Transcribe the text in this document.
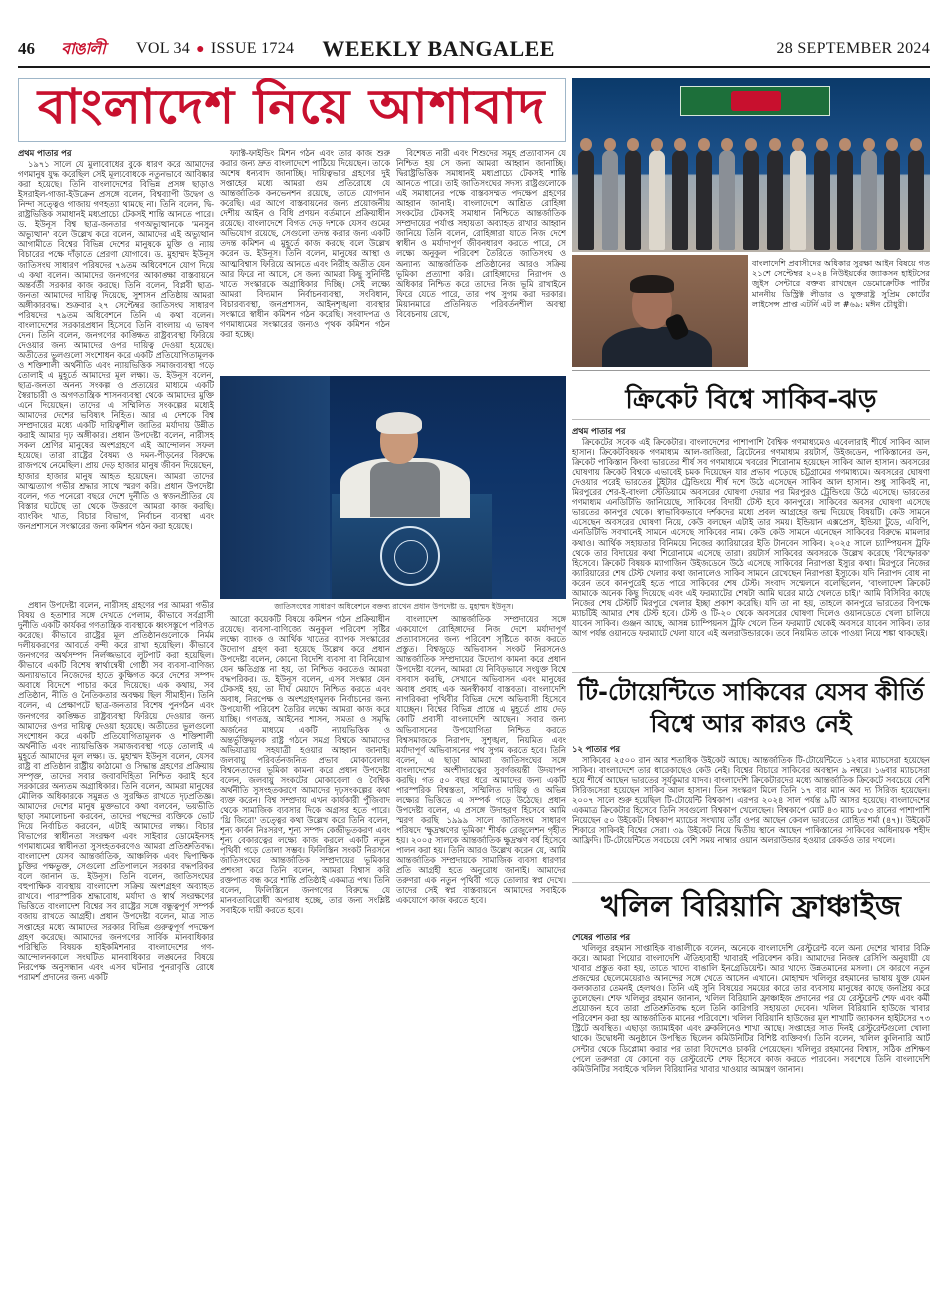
46	বাঙালী	VOL 34 ● ISSUE 1724 WEEKLY BANGALEE	28 SEPTEMBER 2024
বাংলাদেশ নিয়ে আশাবাদ
প্রথম পাতার পর

১৯৭১ সালে যে মুলাবোধের বুকে ধারণ করে আমাদের গণমানুষ যুদ্ধ করেছিল সেই মূল্যবোধকে নতুনভাবে আবিষ্কার করা হয়েছে। তিনি বাংলাদেশের বিভিন্ন প্রসঙ্গ ছাড়াও ইসরাইল-গাজা-ইউক্রেন প্রসঙ্গে বলেন, বিশ্বব্যাপী উদ্বেগ ও নিন্দা সত্ত্বেও গাজায় গণহত্যা থামছে না। তিনি বলেন, দ্বি-রাষ্ট্রভিত্তিক সমাধানই মধ্যপ্রাচ্যে টেকসই শান্তি আনতে পারে। ড. ইউনূস বিশ্ব ছাত্র-জনতার গণঅভ্যুত্থানকে 'মনসুন অভ্যুত্থান' বলে উল্লেখ করে বলেন, আমাদের এই অভ্যুত্থান আগামীতে বিশ্বের বিভিন্ন দেশের মানুষকে মুক্তি ও ন্যায় বিচারের পক্ষে দাঁড়াতে প্রেরণা যোগাবে। ড. মুহাম্মদ ইউনূস জাতিসংঘ সাধারণ পরিষদের ৭৯তম অধিবেশনে যোগ দিয়ে এ কথা বলেন। আমাদের জনগণের আকাঙ্ক্ষা বাস্তবায়নে অন্তর্বর্তী সরকার কাজ করছে। তিনি বলেন, বিপ্লবী ছাত্র-জনতা আমাদের দায়িত্ব দিয়েছে, সুশাসন প্রতিষ্ঠায় আমরা অঙ্গীকারবদ্ধ। শুক্রবার ২৭ সেপ্টেম্বর জাতিসংঘ সাধারণ পরিষদের ৭৯তম অধিবেশনে তিনি এ কথা বলেন। বাংলাদেশের সরকারপ্রধান হিসেবে তিনি বাংলায় এ ভাষণ দেন। তিনি বলেন, জনগণের কাঙ্ক্ষিত রাষ্ট্রব্যবস্থা ফিরিয়ে দেওয়ার জন্য আমাদের ওপর দায়িত্ব দেওয়া হয়েছে। অতীতের ভুলগুলো সংশোধন করে একটি প্রতিযোগিতামূলক ও শক্তিশালী অর্থনীতি এবং ন্যায়ভিত্তিক সমাজব্যবস্থা গড়ে তোলাই এ মুহূর্তে আমাদের মূল লক্ষ্য। ড. ইউনূস বলেন, ছাত্র-জনতা অনন্য সংকল্প ও প্রত্যয়ের মাধ্যমে একটি স্বৈরাচারী ও অগণতান্ত্রিক শাসনব্যবস্থা থেকে আমাদের মুক্তি এনে দিয়েছেন। তাদের এ সম্মিলিত সংকল্পের মধ্যেই আমাদের দেশের ভবিষ্যৎ নিহিত। আর এ দেশকে বিশ্ব সম্প্রদায়ের মধ্যে একটি দায়িত্বশীল জাতির মর্যাদায় উন্নীত করাই আমার দৃঢ় অঙ্গীকার। প্রধান উপদেষ্টা বলেন, নারীসহ সকল শ্রেণির মানুষের অংশগ্রহণে এই আন্দোলন সফল হয়েছে। তারা রাষ্ট্রের বৈষম্য ও দমন-পীড়নের বিরুদ্ধে রাজপথে নেমেছিল। প্রায় দেড় হাজার মানুষ জীবন দিয়েছেন, হাজার হাজার মানুষ আহত হয়েছেন। আমরা তাদের আত্মত্যাগ গভীর শ্রদ্ধার সাথে স্মরণ করি। প্রধান উপদেষ্টা বলেন, গত পনেরো বছরে দেশে দুর্নীতি ও স্বজনপ্রীতির যে বিস্তার ঘটেছে তা থেকে উত্তরণে আমরা কাজ করছি। ব্যাংকিং খাত, বিচার বিভাগ, নির্বাচন ব্যবস্থা এবং জনপ্রশাসনে সংস্কারের জন্য কমিশন গঠন করা হয়েছে।

ফ্যাক্ট-ফাইন্ডিং মিশন গঠন এবং তার কাজ শুরু করার জন্য দ্রুত বাংলাদেশে পাঠিয়ে দিয়েছেন। তাকে অশেষ ধন্যবাদ জানাচ্ছি। দায়িত্বভার গ্রহণের দুই সপ্তাহের মধ্যে আমরা গুম প্রতিরোধে যে আন্তর্জাতিক কনভেনশন রয়েছে, তাতে যোগদান করেছি। এর আগে বাস্তবায়নের জন্য প্রয়োজনীয় দেশীয় আইন ও বিধি প্রণয়ন বর্তমানে প্রক্রিয়াধীন রয়েছে। বাংলাদেশে বিগত দেড় দশকে যেসব গুমের অভিযোগ রয়েছে, সেগুলো তদন্ত করার জন্য একটি তদন্ত কমিশন এ মুহূর্তে কাজ করছে বলে উল্লেখ করেন ড. ইউনূস। তিনি বলেন, মানুষের আস্থা ও আত্মবিশ্বাস ফিরিয়ে আনতে এবং নিরীহ অতীত যেন আর ফিরে না আসে, সে জন্য আমরা কিছু সুনির্দিষ্ট খাতে সংস্কারকে অগ্রাধিকার দিচ্ছি। সেই লক্ষ্যে আমরা বিদ্যমান নির্বাচনব্যবস্থা, সংবিধান, বিচারব্যবস্থা, জনপ্রশাসন, আইনশৃঙ্খলা ব্যবস্থার সংস্কারে স্বাধীন কমিশন গঠন করেছি। সংবাদপত্র ও গণমাধ্যমের সংস্কারের জন্যও পৃথক কমিশন গঠন করা হচ্ছে।

বিশেষত নারী এবং শিশুদের সমূহ প্রত্যাবাসন যে নিশ্চিত হয় সে জন্য আমরা আহ্বান জানাচ্ছি। দ্বিরাষ্ট্রভিত্তিক সমাধানই মধ্যপ্রাচ্যে টেকসই শান্তি আনতে পারে। তাই জাতিসংঘের সদস্য রাষ্ট্রগুলোকে এই সমাধানের পক্ষে বাস্তবসম্মত পদক্ষেপ গ্রহণের আহ্বান জানাই। বাংলাদেশে আশ্রিত রোহিঙ্গা সংকটের টেকসই সমাধান নিশ্চিতে আন্তর্জাতিক সম্প্রদায়ের পর্যাপ্ত সহায়তা অব্যাহত রাখার আহ্বান জানিয়ে তিনি বলেন, রোহিঙ্গারা যাতে নিজ দেশে স্বাধীন ও মর্যাদাপূর্ণ জীবনধারণ করতে পারে, সে লক্ষ্যে অনুকূল পরিবেশ তৈরিতে জাতিসংঘ ও অন্যান্য আন্তর্জাতিক প্রতিষ্ঠানের আরও সক্রিয় ভূমিকা প্রত্যাশা করি। রোহিঙ্গাদের নিরাপদ ও অধিকার নিশ্চিত করে তাদের নিজ ভূমি রাখাইনে ফিরে যেতে পারে, তার পথ সুগম করা দরকার। মিয়ানমারে প্রতিনিয়ত পরিবর্তনশীল অবস্থা বিবেচনায় রেখে,

জাতিসংঘের সাধারণ অধিবেশনে বক্তব্য রাখেন প্রধান উপদেষ্টা ড. মুহাম্মদ ইউনূস।

প্রধান উপদেষ্টা বলেন, নারীসহ গ্রহণের পর আমরা গভীর বিষয় ও হতাশার সঙ্গে দেখতে পেলাম, কীভাবে সর্বগ্রাসী দুর্নীতি একটি কার্যকর গণতান্ত্রিক ব্যবস্থাকে ধ্বংসস্তূপে পরিণত করেছে। কীভাবে রাষ্ট্রের মূল প্রতিষ্ঠানগুলোকে নির্মম দলীয়করণের আবর্তে বন্দী করে রাখা হয়েছিল। কীভাবে জনগণের অর্থসম্পদ নির্লজ্জভাবে লুটপাট করা হয়েছিল। কীভাবে একটি বিশেষ স্বার্থান্বেষী গোষ্ঠী সব ব্যবসা-বাণিজ্য অন্যায়ভাবে নিজেদের হাতে কুক্ষিগত করে দেশের সম্পদ অবাধে বিদেশে পাচার করে দিয়েছে। এক কথায়, সব প্রতিষ্ঠান, নীতি ও নৈতিকতার অবক্ষয় ছিল সীমাহীন। তিনি বলেন, এ প্রেক্ষাপটে ছাত্র-জনতার বিশেষ পুনর্গঠন এবং জনগণের কাঙ্ক্ষিত রাষ্ট্রব্যবস্থা ফিরিয়ে দেওয়ার জন্য আমাদের ওপর দায়িত্ব দেওয়া হয়েছে। অতীতের ভুলগুলো সংশোধন করে একটি প্রতিযোগিতামূলক ও শক্তিশালী অর্থনীতি এবং ন্যায়ভিত্তিক সমাজব্যবস্থা গড়ে তোলাই এ মুহূর্তে আমাদের মূল লক্ষ্য। ড. মুহাম্মদ ইউনূস বলেন, যেসব রাষ্ট্র বা প্রতিষ্ঠান রাষ্ট্রীয় কাঠামো ও সিদ্ধান্ত গ্রহণের প্রক্রিয়ায় সম্পৃক্ত, তাদের সবার জবাবদিহিতা নিশ্চিত করাই হবে সরকারের অন্যতম অগ্রাধিকার। তিনি বলেন, আমরা মানুষের মৌলিক অধিকারকে সমুন্নত ও সুরক্ষিত রাখতে দৃঢ়প্রতিজ্ঞ। আমাদের দেশের মানুষ মুক্তভাবে কথা বলবেন, ভয়ভীতি ছাড়া সমালোচনা করবেন, তাদের পছন্দের ব্যক্তিকে ভোট দিয়ে নির্বাচিত করবেন, এটাই আমাদের লক্ষ্য। বিচার বিভাগের স্বাধীনতা সংরক্ষণ এবং সাইবার ডোমেইনসহ গণমাধ্যমের স্বাধীনতা সুসংহতকরণেও আমরা প্রতিশ্রুতিবদ্ধ। বাংলাদেশ যেসব আন্তর্জাতিক, আঞ্চলিক এবং দ্বিপাক্ষিক চুক্তির পক্ষভুক্ত, সেগুলো প্রতিপালনে সরকার বদ্ধপরিকর বলে জানান ড. ইউনূস। তিনি বলেন, জাতিসংঘের বহুপাক্ষিক ব্যবস্থায় বাংলাদেশ সক্রিয় অংশগ্রহণ অব্যাহত রাখবে। পারস্পরিক শ্রদ্ধাবোধ, মর্যাদা ও স্বার্থ সংরক্ষণের ভিত্তিতে বাংলাদেশ বিশ্বের সব রাষ্ট্রের সঙ্গে বন্ধুত্বপূর্ণ সম্পর্ক বজায় রাখতে আগ্রহী। প্রধান উপদেষ্টা বলেন, মাত্র সাত সপ্তাহের মধ্যে আমাদের সরকার বিভিন্ন গুরুত্বপূর্ণ পদক্ষেপ গ্রহণ করেছে। আমাদের জনগণের সার্বিক মানবাধিকার পরিস্থিতি বিষয়ক হাইকমিশনার বাংলাদেশের গণ-আন্দোলনকালে সংঘটিত মানবাধিকার লঙ্ঘনের বিষয়ে নিরপেক্ষ অনুসন্ধান এবং এসব ঘটনার পুনরাবৃত্তি রোধে পরামর্শ প্রদানের জন্য একটি

আরো কয়েকটি বিষয়ে কমিশন গঠন প্রক্রিয়াধীন রয়েছে। ব্যবসা-বাণিজ্যে অনুকূল পরিবেশ সৃষ্টির লক্ষ্যে ব্যাংক ও আর্থিক খাতের ব্যাপক সংস্কারের উদ্যোগ গ্রহণ করা হয়েছে উল্লেখ করে প্রধান উপদেষ্টা বলেন, কোনো বিদেশি ব্যবসা বা বিনিয়োগ যেন ক্ষতিগ্রস্ত না হয়, তা নিশ্চিত করতেও আমরা বদ্ধপরিকর। ড. ইউনূস বলেন, এসব সংস্কার যেন টেকসই হয়, তা দীর্ঘ মেয়াদে নিশ্চিত করতে এবং অবাধ, নিরপেক্ষ ও অংশগ্রহণমূলক নির্বাচনের জন্য উপযোগী পরিবেশ তৈরির লক্ষ্যে আমরা কাজ করে যাচ্ছি। গণতন্ত্র, আইনের শাসন, সমতা ও সমৃদ্ধি অর্জনের মাধ্যমে একটি ন্যায়ভিত্তিক ও অন্তর্ভুক্তিমূলক রাষ্ট্র গঠনে সমগ্র বিশ্বকে আমাদের অভিযাত্রায় সহযাত্রী হওয়ার আহ্বান জানাই। জলবায়ু পরিবর্তনজনিত প্রভাব মোকাবেলায় বিশ্বনেতাদের ভূমিকা কামনা করে প্রধান উপদেষ্টা বলেন, জলবায়ু সংকটের মোকাবেলা ও বৈশ্বিক অর্থনীতি সুসংহতকরণে আমাদের দৃঢ়সংকল্পের কথা ব্যক্ত করেন। বিশ্ব সম্প্রদায় এখন কার্যকারী পুঁজিবাদ থেকে সামাজিক ব্যবসার দিকে অগ্রসর হতে পারে। 'থ্রি জিরো' তত্ত্বের কথা উল্লেখ করে তিনি বলেন, শূন্য কার্বন নিঃসরণ, শূন্য সম্পদ কেন্দ্রীভূতকরণ এবং শূন্য বেকারত্বের লক্ষ্যে কাজ করলে একটি নতুন পৃথিবী গড়ে তোলা সম্ভব। ফিলিস্তিন সংকট নিরসনে জাতিসংঘের আন্তর্জাতিক সম্প্রদায়ের ভূমিকার প্রশংসা করে তিনি বলেন, আমরা বিশ্বাস করি রক্তপাত বন্ধ করে শান্তি প্রতিষ্ঠাই একমাত্র পথ। তিনি বলেন, ফিলিস্তিনে জনগণের বিরুদ্ধে যে মানবতাবিরোধী অপরাধ হচ্ছে, তার জন্য সংশ্লিষ্ট সবাইকে দায়ী করতে হবে।

বাংলাদেশ আন্তর্জাতিক সম্প্রদায়ের সঙ্গে একযোগে রোহিঙ্গাদের নিজ দেশে মর্যাদাপূর্ণ প্রত্যাবাসনের জন্য পরিবেশ সৃষ্টিতে কাজ করতে প্রস্তুত। বিশ্বজুড়ে অভিবাসন সংকট নিরসনেও আন্তর্জাতিক সম্প্রদায়ের উদ্যোগ কামনা করে প্রধান উপদেষ্টা বলেন, আমরা যে নিবিড়ভাবে সংযুক্ত বিশ্বে বসবাস করছি, সেখানে অভিবাসন এবং মানুষের অবাধ প্রবাহ এক অনস্বীকার্য বাস্তবতা। বাংলাদেশি নাগরিকরা পৃথিবীর বিভিন্ন দেশে অভিবাসী হিসেবে যাচ্ছেন। বিশ্বের বিভিন্ন প্রান্তে এ মুহূর্তে প্রায় দেড় কোটি প্রবাসী বাংলাদেশি আছেন। সবার জন্য অভিবাসনের উপযোগিতা নিশ্চিত করতে বিশ্বসমাজকে নিরাপদ, সুশৃঙ্খল, নিয়মিত এবং মর্যাদাপূর্ণ অভিবাসনের পথ সুগম করতে হবে। তিনি বলেন, এ ছাড়া আমরা জাতিসংঘের সঙ্গে বাংলাদেশের অংশীদারত্বের সুবর্ণজয়ন্তী উদযাপন করছি। গত ৫০ বছর ধরে আমাদের জন্য একটি পারস্পরিক বিশ্বস্ততা, সম্মিলিত দায়িত্ব ও অভিন্ন লক্ষ্যের ভিত্তিতে এ সম্পর্ক গড়ে উঠেছে। প্রধান উপদেষ্টা বলেন, এ প্রসঙ্গে উদাহরণ হিসেবে আমি স্মরণ করছি ১৯৯৯ সালে জাতিসংঘ সাধারণ পরিষদে 'ক্ষুদ্রঋণের ভূমিকা' শীর্ষক রেজুলেশন গৃহীত হয়। ২০০৫ সালকে আন্তর্জাতিক ক্ষুদ্রঋণ বর্ষ হিসেবে পালন করা হয়। তিনি আরও উল্লেখ করেন যে, আমি আন্তর্জাতিক সম্প্রদায়কে সামাজিক ব্যবসা ধারণার প্রতি আগ্রহী হতে অনুরোধ জানাই। আমাদের তরুণরা এক নতুন পৃথিবী গড়ে তোলার স্বপ্ন দেখে। তাদের সেই স্বপ্ন বাস্তবায়নে আমাদের সবাইকে একযোগে কাজ করতে হবে।

বাংলাদেশি প্রবাসীদের অধিকার সুরক্ষা আইন বিষয়ে গত ২১শে সেপ্টেম্বর ২০২৪ নিউইয়র্কের জ্যাকসন হাইটসের জুইস সেন্টারে বক্তব্য রাখছেন ডেমোক্রেটিক পার্টির মাননীয় ডিস্ট্রিক্ট লীডার ও যুক্তরাষ্ট্র সুপ্রিম কোর্টের লাইসেন্স প্রাপ্ত এটর্নি এট ল #৬৯: মঈন চৌধুরী।
ক্রিকেট বিশ্বে সাকিব-ঝড়
প্রথম পাতার পর

ক্রিকেটের সবেক এই ক্রিকেটার। বাংলাদেশের পাশাপাশি বৈশ্বিক গণমাধ্যমেও এবেলারাই শীর্ষে সাকিব আল হাসান। ক্রিকেটবিষয়ক গণমাধ্যম আল-জাজিরা, ব্রিটেনের গণমাধ্যম রয়টার্স, উইজডেন, পাকিস্তানের ডন, ক্রিকেট পাকিস্তান কিংবা ভারতের শীর্ষ সব গণমাধ্যমে খবরের শিরোনাম হয়েছেন সাকিব আল হাসান। অবসরের ঘোষণায় ক্রিকেট বিশ্বকে এভাবেই চমক দিয়েছেন যার প্রভাব পড়েছে চট্টগ্রামের গণমাধ্যমে। অবসরের ঘোষণা দেওয়ার পরেই ভারতের টুইটার ট্রেন্ডিংয়ে শীর্ষ দশে উঠে এসেছেন সাকিব আল হাসান। শুধু সাকিবই না, মিরপুরের শের-ই-বাংলা স্টেডিয়ামে অবসরের ঘোষণা দেয়ার পর মিরপুরও ট্রেন্ডিংয়ে উঠে এসেছে। ভারতের গণমাধ্যম এনডিটিভি জানিয়েছে, সাকিবের বিদায়ী টেস্ট হবে কানপুরে। সাকিবের অবসর ঘোষণা এসেছে ভারতের কানপুর থেকে। স্বাভাবিকভাবে দর্শকদের মধ্যে প্রবল আগ্রহের জন্ম দিয়েছে বিষয়টি। কেউ সামনে এসেছেন অবসরের ঘোষণা নিয়ে, কেউ বলছেন এটাই তার সময়। ইন্ডিয়ান এক্সপ্রেস, ইন্ডিয়া টুডে, এবিপি, এনডিটিভি সবখানেই সামনে এসেছে সাকিবের নাম। কেউ কেউ সামনে এনেছেন সাকিবের বিরুদ্ধে মামলার কথাও। আর্থিক সহায়তার বিনিময়ে নিজের ক্যারিয়ারের ইতি টানবেন সাকিব। ২০২৫ সালে চ্যাম্পিয়নস ট্রফি থেকে তার বিদায়ের কথা শিরোনামে এসেছে তারা। রয়টার্স সাকিবের অবসরকে উল্লেখ করেছে 'বিস্ফোরক' হিসেবে। ক্রিকেট বিষয়ক ম্যাগাজিন উইজডেনে উঠে এসেছে সাকিবের নিরাপত্তা ইস্যুর কথা। মিরপুরে নিজের ক্যারিয়ারের শেষ টেস্ট খেলার কথা জানালেও সাকিব সামনে রেখেছেন নিরাপত্তা ইস্যুকে। যদি নিরাপদ বোধ না করেন তবে কানপুরেই হতে পারে সাকিবের শেষ টেস্ট। সংবাদ সম্মেলনে বলেছিলেন, 'বাংলাদেশ ক্রিকেট আমাকে অনেক কিছু দিয়েছে এবং এই ফরম্যাটের শেষটা আমি ঘরের মাঠে খেলতে চাই।' আমি বিসিবির কাছে নিজের শেষ টেস্টটি মিরপুরে খেলার ইচ্ছা প্রকাশ করেছি। যদি তা না হয়, তাহলে কানপুরে ভারতের বিপক্ষে ম্যাচটিই আমার শেষ টেস্ট হবে। টেস্ট ও টি-২০ থেকে অবসরের ঘোষণা দিলেও ওয়ানডেতে খেলা চালিয়ে যাবেন সাকিব। গুঞ্জন আছে, আসন্ন চ্যাম্পিয়নস ট্রফি খেলে তিন ফরম্যাট থেকেই অবসরে যাবেন সাকিব। তার আগ পর্যন্ত ওয়ানডে ফরম্যাটে খেলা যাবে এই অলরাউন্ডারকে। তবে নিয়মিত তাকে পাওয়া নিয়ে শঙ্কা থাকছেই।

টি-টোয়েন্টিতে সাকিবের যেসব কীর্তি বিশ্বে আর কারও নেই
১২ পাতার পর

সাকিবের ২৫০০ রান আর শতাধিক উইকেট আছে। আন্তর্জাতিক টি-টোয়েন্টিতে ১২বার ম্যাচসেরা হয়েছেন সাকিব। বাংলাদেশে তার ধারেকাছেও কেউ নেই। বিশ্বের বিচারে সাকিবের অবস্থান ৯ নম্বরে। ১৬বার ম্যাচসেরা হয়ে শীর্ষে আছেন ভারতের সূর্যকুমার যাদব। বাংলাদেশি ক্রিকেটারদের মধ্যে আন্তর্জাতিক ক্রিকেটে সবচেয়ে বেশি সিরিজসেরা হয়েছেন সাকিব আল হাসান। তিন সংস্করণ মিলে তিনি ১৭ বার ম্যান অব দ্য সিরিজ হয়েছেন। ২০০৭ সালে শুরু হয়েছিল টি-টোয়েন্টি বিশ্বকাপ। এরপর ২০২৪ সাল পর্যন্ত ৯টি আসর হয়েছে। বাংলাদেশের একমাত্র ক্রিকেটার হিসেবে তিনি সবগুলো বিশ্বকাপ খেলেছেন। বিশ্বকাপে মোট ৪৩ ম্যাচ ৮৫৩ রানের পাশাপাশি নিয়েছেন ৫০ উইকেট। বিশ্বকাপ ম্যাচের সংখ্যায় তাঁর ওপর আছেন কেবল ভারতের রোহিত শর্মা (৪৭)। উইকেট শিকারে সাকিবই বিশ্বের সেরা। ৩৯ উইকেট নিয়ে দ্বিতীয় স্থানে আছেন পাকিস্তানের সাকিবের অধিনায়ক শহীদ আফ্রিদি। টি-টোয়েন্টিতে সবচেয়ে বেশি সময় নাম্বার ওয়ান অলরাউন্ডার হওয়ার রেকর্ডও তার দখলে।

খলিল বিরিয়ানি ফ্রাঞ্চাইজ
শেষের পাতার পর

খলিলুর রহমান সাপ্তাহিক বাঙালীকে বলেন, অনেকে বাংলাদেশি রেস্টুরেন্ট বলে অন্য দেশের খাবার বিক্রি করে। আমরা পিয়োর বাংলাদেশি ঐতিহ্যবাহী খাবারই পরিবেশন করি। আমাদের নিজস্ব রেসিপি অনুযায়ী যে খাবার প্রস্তুত করা হয়, তাতে খাদ্যে বাঙালি ইনগ্রেডিয়েন্ট। আর খাদ্যে উন্নতমানের মসলা। সে কারণে নতুন প্রজন্মের ছেলেমেয়েরাও আনন্দের সঙ্গে খেতে আসেন এখানে। মোহাম্মদ খলিলুর রহমানের ভাষায় যুক্ত যেমন কলকাতার তেমনই হেলথও। তিনি এই সুনি বিষয়ের সময়ের কারে তার ব্যবসায় মানুষের কাছে জনপ্রিয় করে তুলেছেন। শেফ খলিলুর রহমান জানান, খলিল বিরিয়ানি ফ্রাঞ্চাইজ প্রদানের পর যে রেস্টুরেন্ট শেফ এবং কর্মী প্রয়োজন হবে তারা প্রতিশ্রুতিবদ্ধ হলে তিনি কারিগরি সহায়তা দেবেন। খলিল বিরিয়ানি হাউজে খাবার পরিবেশন করা হয় আন্তর্জাতিক মানের পরিবেশে। খলিল বিরিয়ানি হাউজের মূল শাখাটি জ্যাকসন হাইটসের ৭৩ স্ট্রিটে অবস্থিত। এছাড়া জ্যামাইকা এবং ব্রুকলিনেও শাখা আছে। সপ্তাহের সাত দিনই রেস্টুরেন্টগুলো খোলা থাকে। উদ্বোধনী অনুষ্ঠানে উপস্থিত ছিলেন কমিউনিটির বিশিষ্ট ব্যক্তিবর্গ। তিনি বলেন, খলিল কুলিনারি আর্ট সেন্টার থেকে ডিপ্লোমা করার পর তারা বিদেশেও চাকরি পেয়েছেন। খলিলুর রহমানের বিশ্বাস, সঠিক প্রশিক্ষণ পেলে তরুণরা যে কোনো বড় রেস্টুরেন্টে শেফ হিসেবে কাজ করতে পারবেন। সবশেষে তিনি বাংলাদেশি কমিউনিটির সবাইকে খলিল বিরিয়ানির খাবার খাওয়ার আমন্ত্রণ জানান।
